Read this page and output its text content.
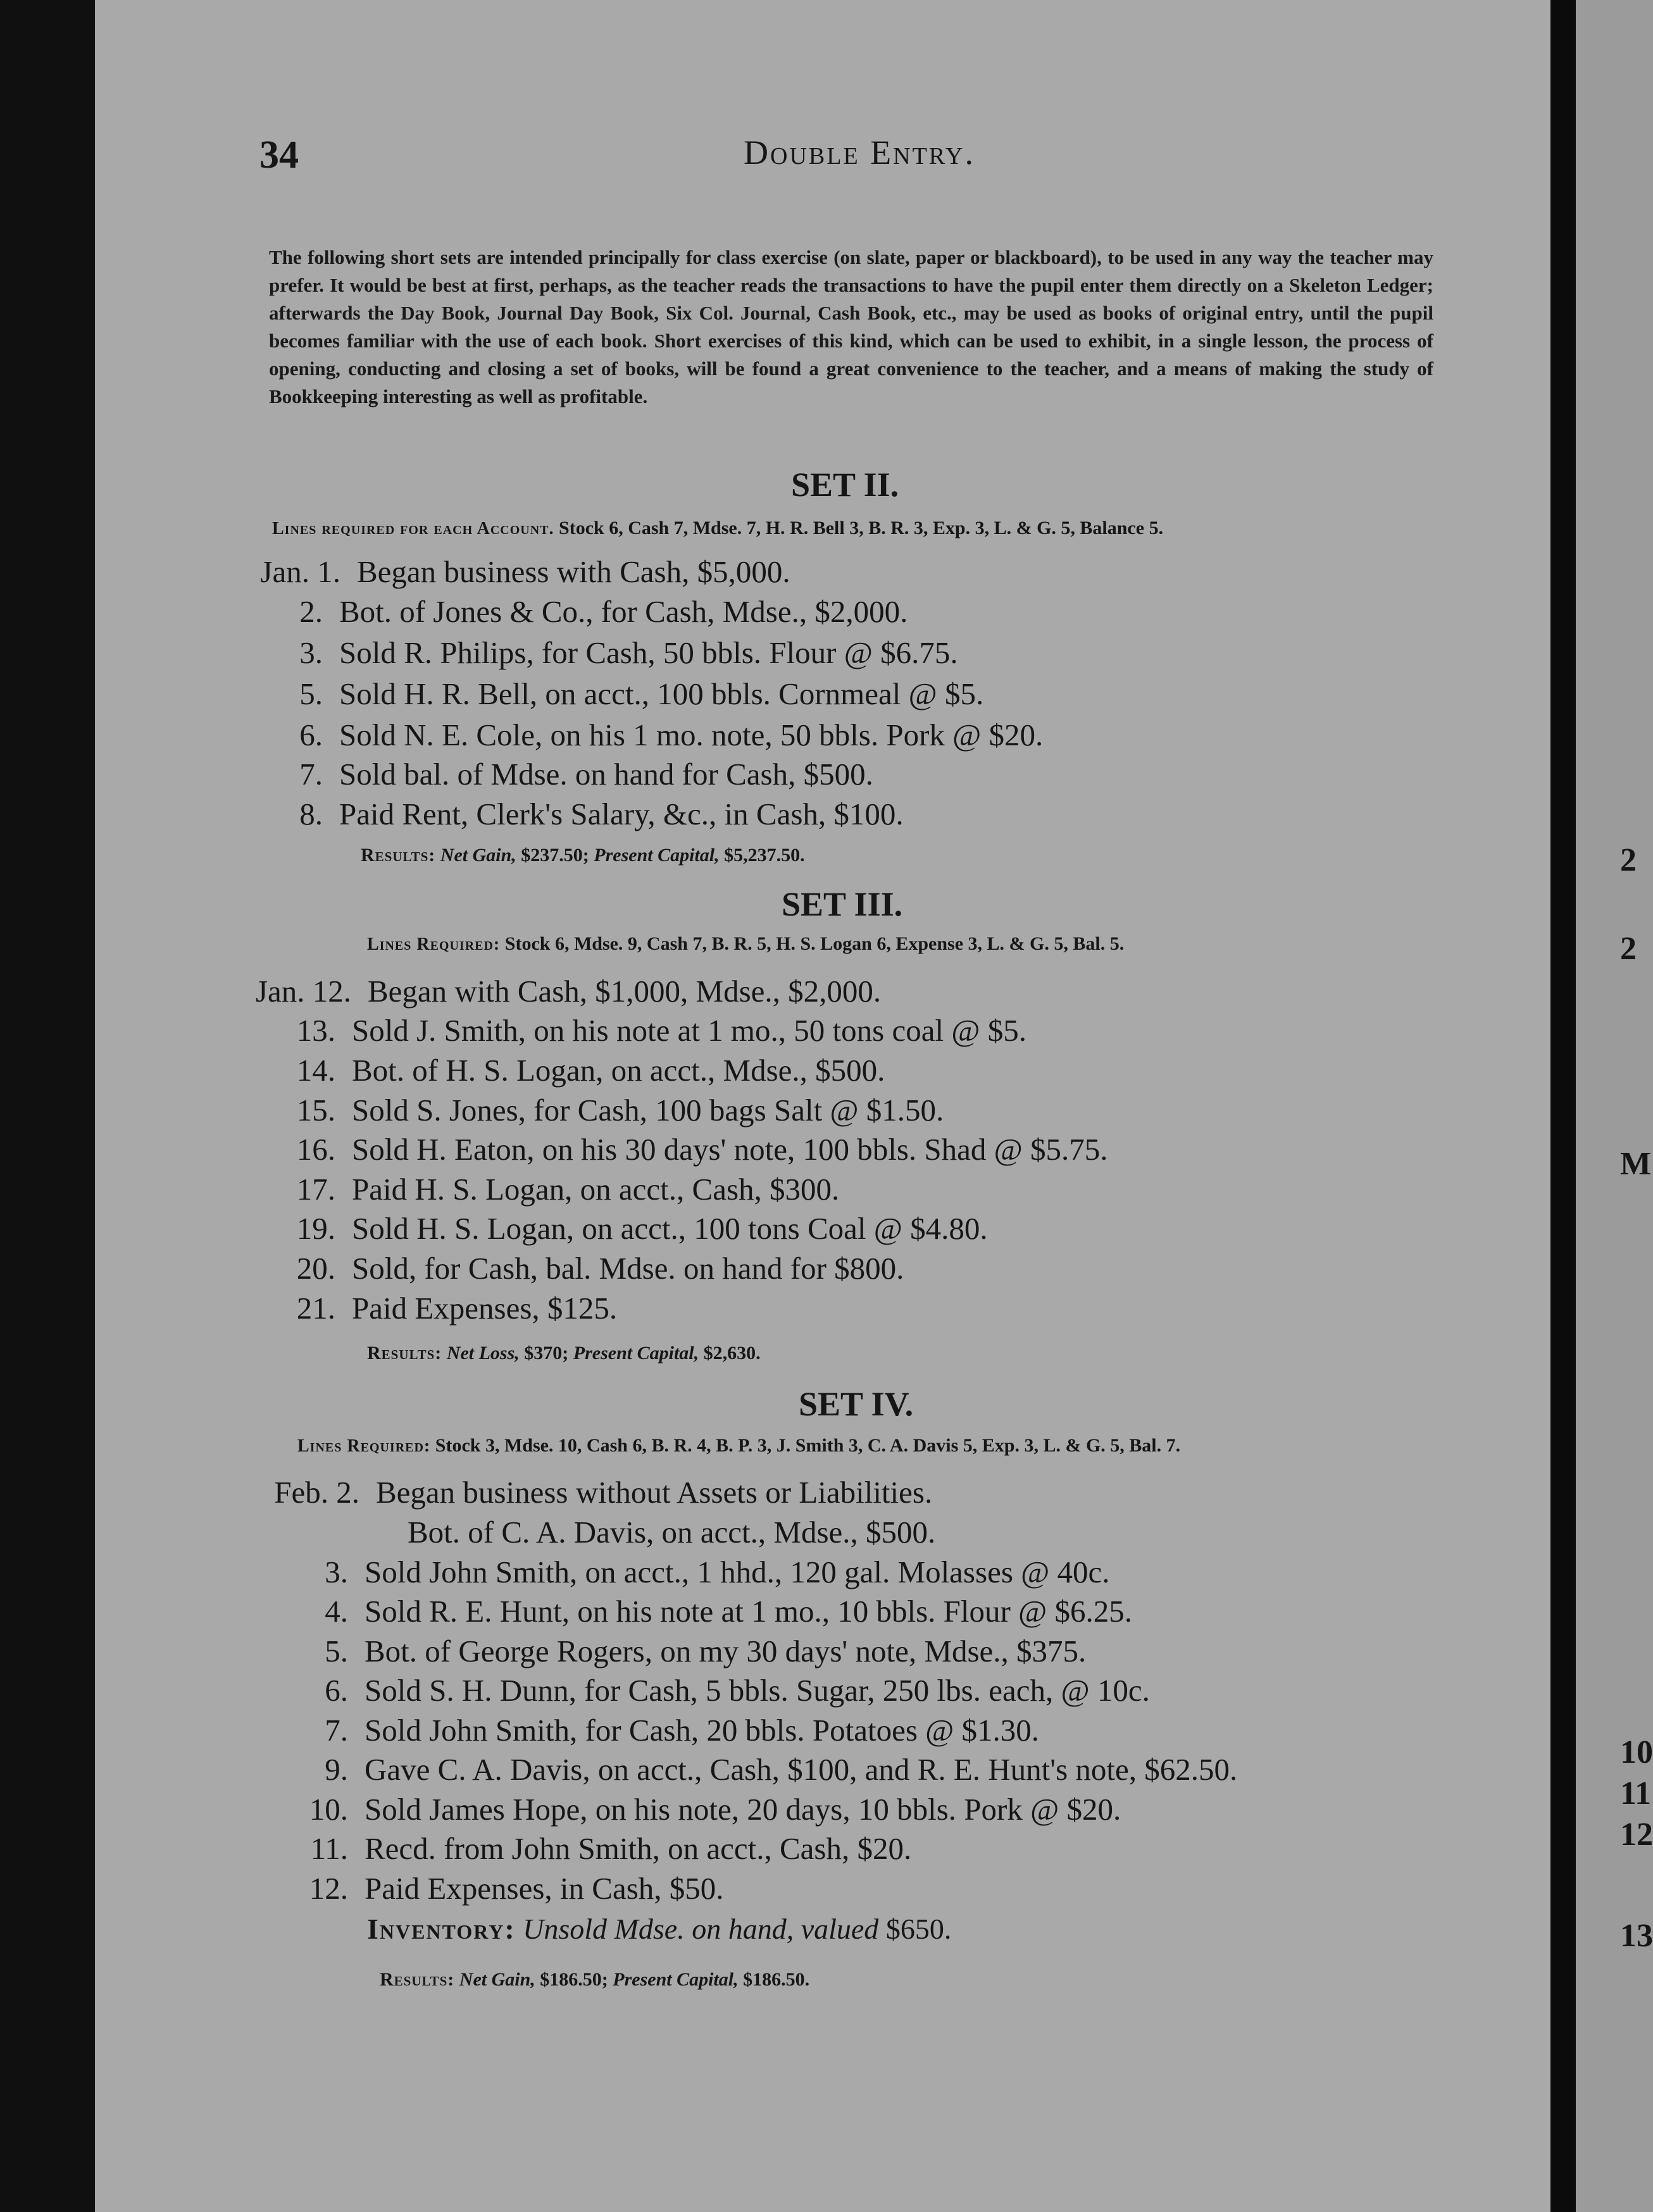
2
2
M
10
11
12
13
34	Double Entry.
The following short sets are intended principally for class exercise (on slate, paper or blackboard), to be used in any way the teacher may prefer. It would be best at first, perhaps, as the teacher reads the transactions to have the pupil enter them directly on a Skeleton Ledger; afterwards the Day Book, Journal Day Book, Six Col. Journal, Cash Book, etc., may be used as books of original entry, until the pupil becomes familiar with the use of each book. Short exercises of this kind, which can be used to exhibit, in a single lesson, the process of opening, conducting and closing a set of books, will be found a great convenience to the teacher, and a means of making the study of Bookkeeping interesting as well as profitable.
SET II.
Lines required for each Account. Stock 6, Cash 7, Mdse. 7, H. R. Bell 3, B. R. 3, Exp. 3, L. & G. 5, Balance 5.
Jan. 1. Began business with Cash, $5,000.
2. Bot. of Jones & Co., for Cash, Mdse., $2,000.
3. Sold R. Philips, for Cash, 50 bbls. Flour @ $6.75.
5. Sold H. R. Bell, on acct., 100 bbls. Cornmeal @ $5.
6. Sold N. E. Cole, on his 1 mo. note, 50 bbls. Pork @ $20.
7. Sold bal. of Mdse. on hand for Cash, $500.
8. Paid Rent, Clerk's Salary, &c., in Cash, $100.
Results: Net Gain, $237.50; Present Capital, $5,237.50.
SET III.
Lines Required: Stock 6, Mdse. 9, Cash 7, B. R. 5, H. S. Logan 6, Expense 3, L. & G. 5, Bal. 5.
Jan. 12. Began with Cash, $1,000, Mdse., $2,000.
13. Sold J. Smith, on his note at 1 mo., 50 tons coal @ $5.
14. Bot. of H. S. Logan, on acct., Mdse., $500.
15. Sold S. Jones, for Cash, 100 bags Salt @ $1.50.
16. Sold H. Eaton, on his 30 days' note, 100 bbls. Shad @ $5.75.
17. Paid H. S. Logan, on acct., Cash, $300.
19. Sold H. S. Logan, on acct., 100 tons Coal @ $4.80.
20. Sold, for Cash, bal. Mdse. on hand for $800.
21. Paid Expenses, $125.
Results: Net Loss, $370; Present Capital, $2,630.
SET IV.
Lines Required: Stock 3, Mdse. 10, Cash 6, B. R. 4, B. P. 3, J. Smith 3, C. A. Davis 5, Exp. 3, L. & G. 5, Bal. 7.
Feb. 2. Began business without Assets or Liabilities.
Bot. of C. A. Davis, on acct., Mdse., $500.
3. Sold John Smith, on acct., 1 hhd., 120 gal. Molasses @ 40c.
4. Sold R. E. Hunt, on his note at 1 mo., 10 bbls. Flour @ $6.25.
5. Bot. of George Rogers, on my 30 days' note, Mdse., $375.
6. Sold S. H. Dunn, for Cash, 5 bbls. Sugar, 250 lbs. each, @ 10c.
7. Sold John Smith, for Cash, 20 bbls. Potatoes @ $1.30.
9. Gave C. A. Davis, on acct., Cash, $100, and R. E. Hunt's note, $62.50.
10. Sold James Hope, on his note, 20 days, 10 bbls. Pork @ $20.
11. Recd. from John Smith, on acct., Cash, $20.
12. Paid Expenses, in Cash, $50.
Inventory: Unsold Mdse. on hand, valued $650.
Results: Net Gain, $186.50; Present Capital, $186.50.
